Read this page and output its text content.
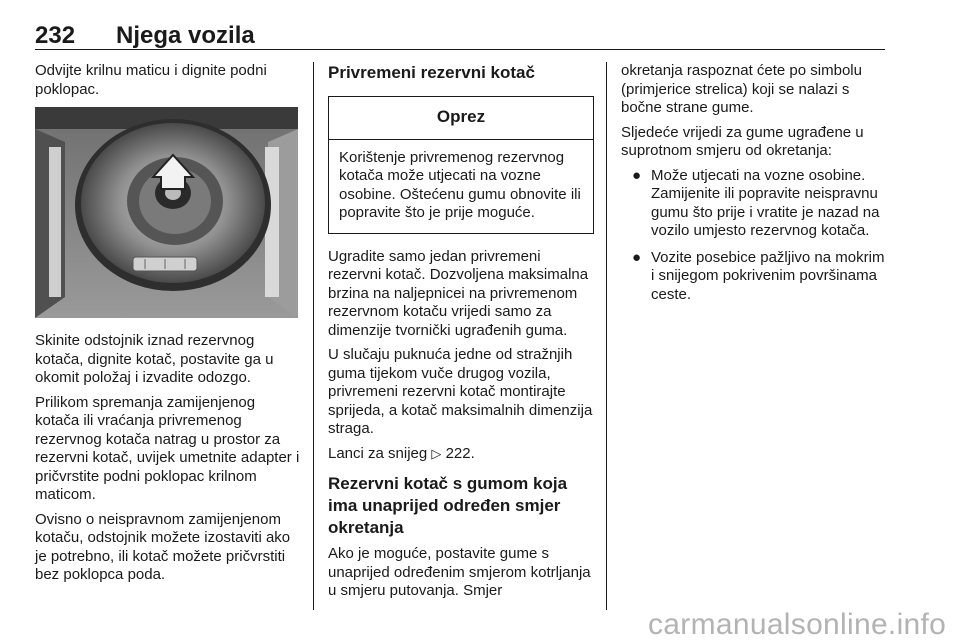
232 Njega vozila

Odvijte krilnu maticu i dignite podni poklopac.

Skinite odstojnik iznad rezervnog kotača, dignite kotač, postavite ga u okomit položaj i izvadite odozgo.

Prilikom spremanja zamijenjenog kotača ili vraćanja privremenog rezervnog kotača natrag u prostor za rezervni kotač, uvijek umetnite adapter i pričvrstite podni poklopac krilnom maticom.

Ovisno o neispravnom zamijenjenom kotaču, odstojnik možete izostaviti ako je potrebno, ili kotač možete pričvrstiti bez poklopca poda.

Privremeni rezervni kotač
Oprez
Korištenje privremenog rezervnog kotača može utjecati na vozne osobine. Oštećenu gumu obnovite ili popravite što je prije moguće.

Ugradite samo jedan privremeni rezervni kotač. Dozvoljena maksimalna brzina na naljepnicei na privremenom rezervnom kotaču vrijedi samo za dimenzije tvornički ugrađenih guma.

U slučaju puknuća jedne od stražnjih guma tijekom vuče drugog vozila, privremeni rezervni kotač montirajte sprijeda, a kotač maksimalnih dimenzija straga.

Lanci za snijeg ▷ 222.

Rezervni kotač s gumom koja ima unaprijed određen smjer okretanja

Ako je moguće, postavite gume s unaprijed određenim smjerom kotrljanja u smjeru putovanja. Smjer

okretanja raspoznat ćete po simbolu (primjerice strelica) koji se nalazi s bočne strane gume.

Sljedeće vrijedi za gume ugrađene u suprotnom smjeru od okretanja:

● Može utjecati na vozne osobine. Zamijenite ili popravite neispravnu gumu što prije i vratite je nazad na vozilo umjesto rezervnog kotača.
● Vozite posebice pažljivo na mokrim i snijegom pokrivenim površinama ceste.
carmanualsonline.info
